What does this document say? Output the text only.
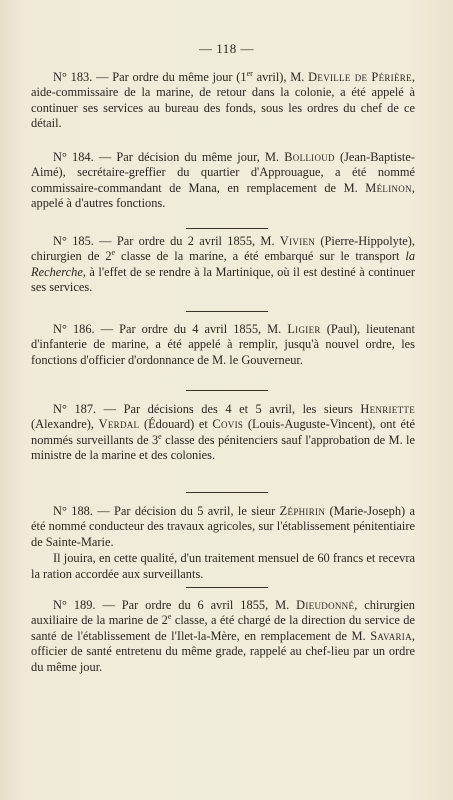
— 118 —

N° 183. — Par ordre du même jour (1er avril), M. Deville de Périère, aide-commissaire de la marine, de retour dans la colonie, a été appelé à continuer ses services au bureau des fonds, sous les ordres du chef de ce détail.

N° 184. — Par décision du même jour, M. Bollioud (Jean-Baptiste-Aimé), secrétaire-greffier du quartier d'Approuague, a été nommé commissaire-commandant de Mana, en remplacement de M. Mélinon, appelé à d'autres fonctions.

N° 185. — Par ordre du 2 avril 1855, M. Vivien (Pierre-Hippolyte), chirurgien de 2e classe de la marine, a été embarqué sur le transport la Recherche, à l'effet de se rendre à la Martinique, où il est destiné à continuer ses services.

N° 186. — Par ordre du 4 avril 1855, M. Ligier (Paul), lieutenant d'infanterie de marine, a été appelé à remplir, jusqu'à nouvel ordre, les fonctions d'officier d'ordonnance de M. le Gouverneur.

N° 187. — Par décisions des 4 et 5 avril, les sieurs Henriette (Alexandre), Verdal (Édouard) et Covis (Louis-Auguste-Vincent), ont été nommés surveillants de 3e classe des pénitenciers sauf l'approbation de M. le ministre de la marine et des colonies.

N° 188. — Par décision du 5 avril, le sieur Zéphirin (Marie-Joseph) a été nommé conducteur des travaux agricoles, sur l'établissement pénitentiaire de Sainte-Marie.

Il jouira, en cette qualité, d'un traitement mensuel de 60 francs et recevra la ration accordée aux surveillants.

N° 189. — Par ordre du 6 avril 1855, M. Dieudonné, chirurgien auxiliaire de la marine de 2e classe, a été chargé de la direction du service de santé de l'établissement de l'Ilet-la-Mère, en remplacement de M. Savaria, officier de santé entretenu du même grade, rappelé au chef-lieu par un ordre du même jour.
